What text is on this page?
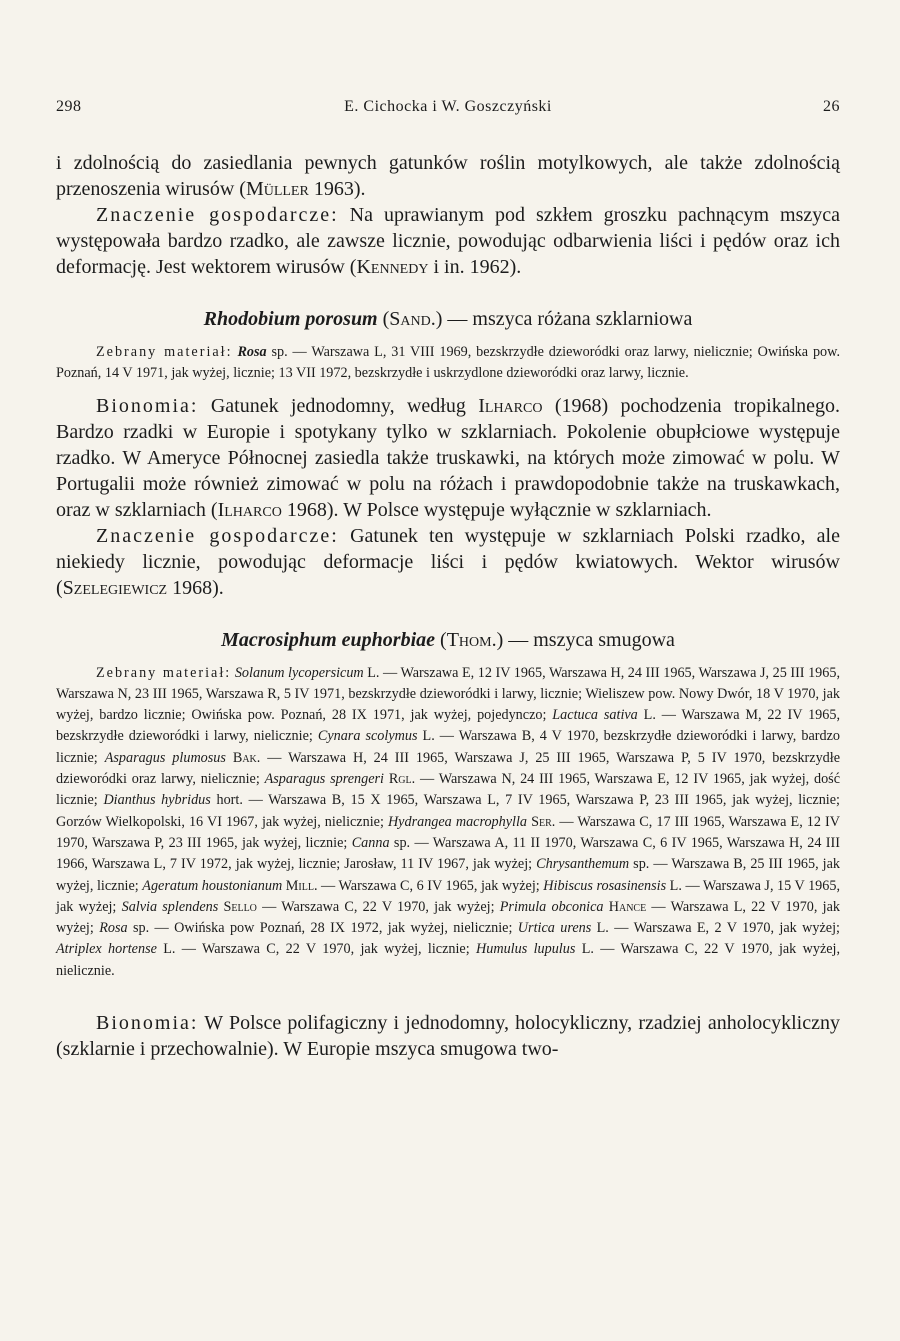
298	E. Cichocka i W. Goszczyński	26

i zdolnością do zasiedlania pewnych gatunków roślin motylkowych, ale także zdolnością przenoszenia wirusów (Müller 1963).

Znaczenie gospodarcze: Na uprawianym pod szkłem groszku pachnącym mszyca występowała bardzo rzadko, ale zawsze licznie, powodując odbarwienia liści i pędów oraz ich deformację. Jest wektorem wirusów (Kennedy i in. 1962).

Rhodobium porosum (Sand.) — mszyca różana szklarniowa

Zebrany materiał: Rosa sp. — Warszawa L, 31 VIII 1969, bezskrzydłe dzieworódki oraz larwy, nielicznie; Owińska pow. Poznań, 14 V 1971, jak wyżej, licznie; 13 VII 1972, bezskrzydłe i uskrzydlone dzieworódki oraz larwy, licznie.

Bionomia: Gatunek jednodomny, według Ilharco (1968) pochodzenia tropikalnego. Bardzo rzadki w Europie i spotykany tylko w szklarniach. Pokolenie obupłciowe występuje rzadko. W Ameryce Północnej zasiedla także truskawki, na których może zimować w polu. W Portugalii może również zimować w polu na różach i prawdopodobnie także na truskawkach, oraz w szklarniach (Ilharco 1968). W Polsce występuje wyłącznie w szklarniach.

Znaczenie gospodarcze: Gatunek ten występuje w szklarniach Polski rzadko, ale niekiedy licznie, powodując deformacje liści i pędów kwiatowych. Wektor wirusów (Szelegiewicz 1968).

Macrosiphum euphorbiae (Thom.) — mszyca smugowa

Zebrany materiał: Solanum lycopersicum L. — Warszawa E, 12 IV 1965, Warszawa H, 24 III 1965, Warszawa J, 25 III 1965, Warszawa N, 23 III 1965, Warszawa R, 5 IV 1971, bezskrzydłe dzieworódki i larwy, licznie; Wieliszew pow. Nowy Dwór, 18 V 1970, jak wyżej, bardzo licznie; Owińska pow. Poznań, 28 IX 1971, jak wyżej, pojedynczo; Lactuca sativa L. — Warszawa M, 22 IV 1965, bezskrzydłe dzieworódki i larwy, nielicznie; Cynara scolymus L. — Warszawa B, 4 V 1970, bezskrzydłe dzieworódki i larwy, bardzo licznie; Asparagus plumosus Bak. — Warszawa H, 24 III 1965, Warszawa J, 25 III 1965, Warszawa P, 5 IV 1970, bezskrzydłe dzieworódki oraz larwy, nielicznie; Asparagus sprengeri Rgl. — Warszawa N, 24 III 1965, Warszawa E, 12 IV 1965, jak wyżej, dość licznie; Dianthus hybridus hort. — Warszawa B, 15 X 1965, Warszawa L, 7 IV 1965, Warszawa P, 23 III 1965, jak wyżej, licznie; Gorzów Wielkopolski, 16 VI 1967, jak wyżej, nielicznie; Hydrangea macrophylla Ser. — Warszawa C, 17 III 1965, Warszawa E, 12 IV 1970, Warszawa P, 23 III 1965, jak wyżej, licznie; Canna sp. — Warszawa A, 11 II 1970, Warszawa C, 6 IV 1965, Warszawa H, 24 III 1966, Warszawa L, 7 IV 1972, jak wyżej, licznie; Jarosław, 11 IV 1967, jak wyżej; Chrysanthemum sp. — Warszawa B, 25 III 1965, jak wyżej, licznie; Ageratum houstonianum Mill. — Warszawa C, 6 IV 1965, jak wyżej; Hibiscus rosasinensis L. — Warszawa J, 15 V 1965, jak wyżej; Salvia splendens Sello — Warszawa C, 22 V 1970, jak wyżej; Primula obconica Hance — Warszawa L, 22 V 1970, jak wyżej; Rosa sp. — Owińska pow Poznań, 28 IX 1972, jak wyżej, nielicznie; Urtica urens L. — Warszawa E, 2 V 1970, jak wyżej; Atriplex hortense L. — Warszawa C, 22 V 1970, jak wyżej, licznie; Humulus lupulus L. — Warszawa C, 22 V 1970, jak wyżej, nielicznie.

Bionomia: W Polsce polifagiczny i jednodomny, holocykliczny, rzadziej anholocykliczny (szklarnie i przechowalnie). W Europie mszyca smugowa two-
